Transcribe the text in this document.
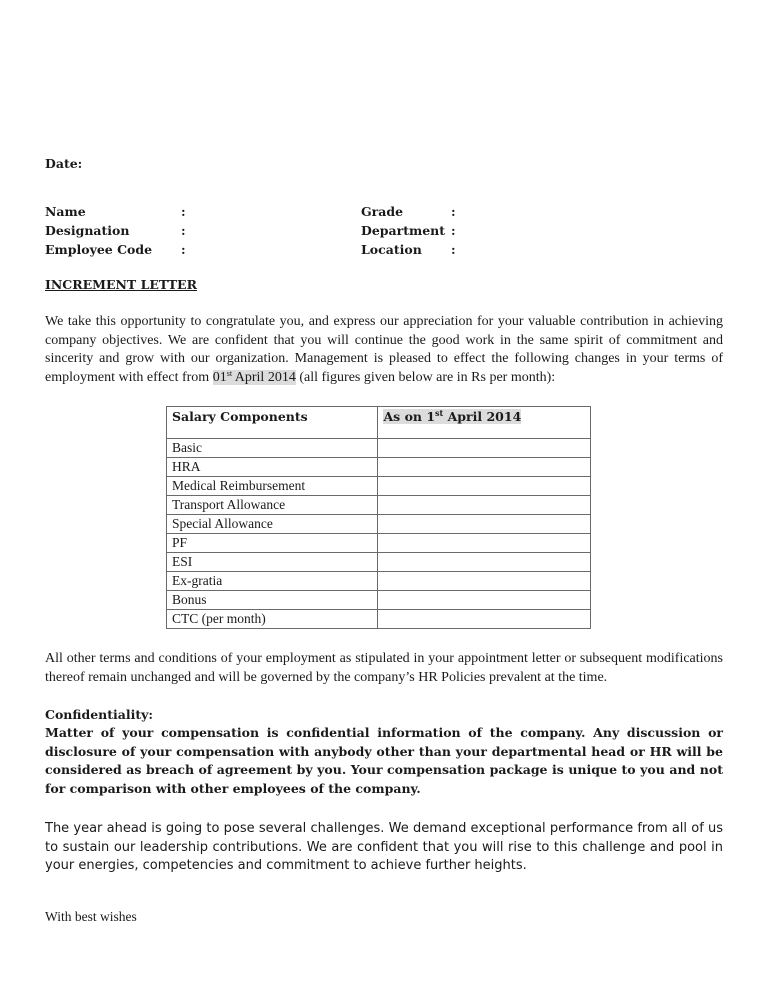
Date:
Name	:	Grade	:
Designation	:	Department :
Employee Code :	Location :
INCREMENT LETTER

We take this opportunity to congratulate you, and express our appreciation for your valuable contribution in achieving company objectives. We are confident that you will continue the good work in the same spirit of commitment and sincerity and grow with our organization. Management is pleased to effect the following changes in your terms of employment with effect from 01st April 2014 (all figures given below are in Rs per month):

Salary Components	As on 1st April 2014
Basic	
HRA	
Medical Reimbursement	
Transport Allowance	
Special Allowance	
PF	
ESI	
Ex-gratia	
Bonus	
CTC (per month)	

All other terms and conditions of your employment as stipulated in your appointment letter or subsequent modifications thereof remain unchanged and will be governed by the company’s HR Policies prevalent at the time.

Confidentiality:

Matter of your compensation is confidential information of the company. Any discussion or disclosure of your compensation with anybody other than your departmental head or HR will be considered as breach of agreement by you. Your compensation package is unique to you and not for comparison with other employees of the company.

The year ahead is going to pose several challenges. We demand exceptional performance from all of us to sustain our leadership contributions. We are confident that you will rise to this challenge and pool in your energies, competencies and commitment to achieve further heights.

With best wishes
